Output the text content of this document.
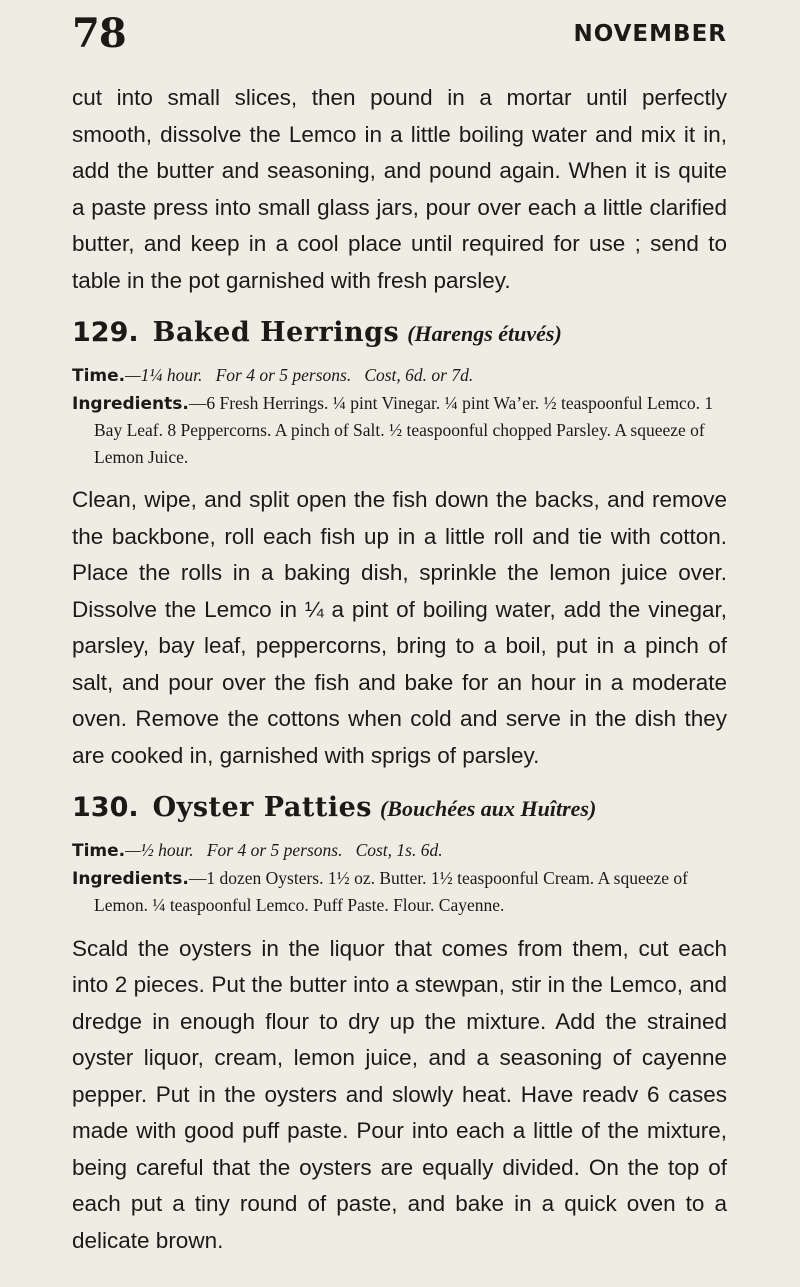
78	NOVEMBER

cut into small slices, then pound in a mortar until perfectly smooth, dissolve the Lemco in a little boiling water and mix it in, add the butter and seasoning, and pound again. When it is quite a paste press into small glass jars, pour over each a little clarified butter, and keep in a cool place until required for use ; send to table in the pot garnished with fresh parsley.

129. Baked Herrings (Harengs étuvés)

Time.—1¼ hour. For 4 or 5 persons. Cost, 6d. or 7d.

Ingredients.—6 Fresh Herrings. ¼ pint Vinegar. ¼ pint Waʼer. ½ teaspoonful Lemco. 1 Bay Leaf. 8 Peppercorns. A pinch of Salt. ½ teaspoonful chopped Parsley. A squeeze of Lemon Juice.

Clean, wipe, and split open the fish down the backs, and remove the backbone, roll each fish up in a little roll and tie with cotton. Place the rolls in a baking dish, sprinkle the lemon juice over. Dissolve the Lemco in ¼ a pint of boiling water, add the vinegar, parsley, bay leaf, peppercorns, bring to a boil, put in a pinch of salt, and pour over the fish and bake for an hour in a moderate oven. Remove the cottons when cold and serve in the dish they are cooked in, garnished with sprigs of parsley.

130. Oyster Patties (Bouchées aux Huîtres)

Time.—½ hour. For 4 or 5 persons. Cost, 1s. 6d.

Ingredients.—1 dozen Oysters. 1½ oz. Butter. 1½ teaspoonful Cream. A squeeze of Lemon. ¼ teaspoonful Lemco. Puff Paste. Flour. Cayenne.

Scald the oysters in the liquor that comes from them, cut each into 2 pieces. Put the butter into a stewpan, stir in the Lemco, and dredge in enough flour to dry up the mixture. Add the strained oyster liquor, cream, lemon juice, and a seasoning of cayenne pepper. Put in the oysters and slowly heat. Have readv 6 cases made with good puff paste. Pour into each a little of the mixture, being careful that the oysters are equally divided. On the top of each put a tiny round of paste, and bake in a quick oven to a delicate brown.
